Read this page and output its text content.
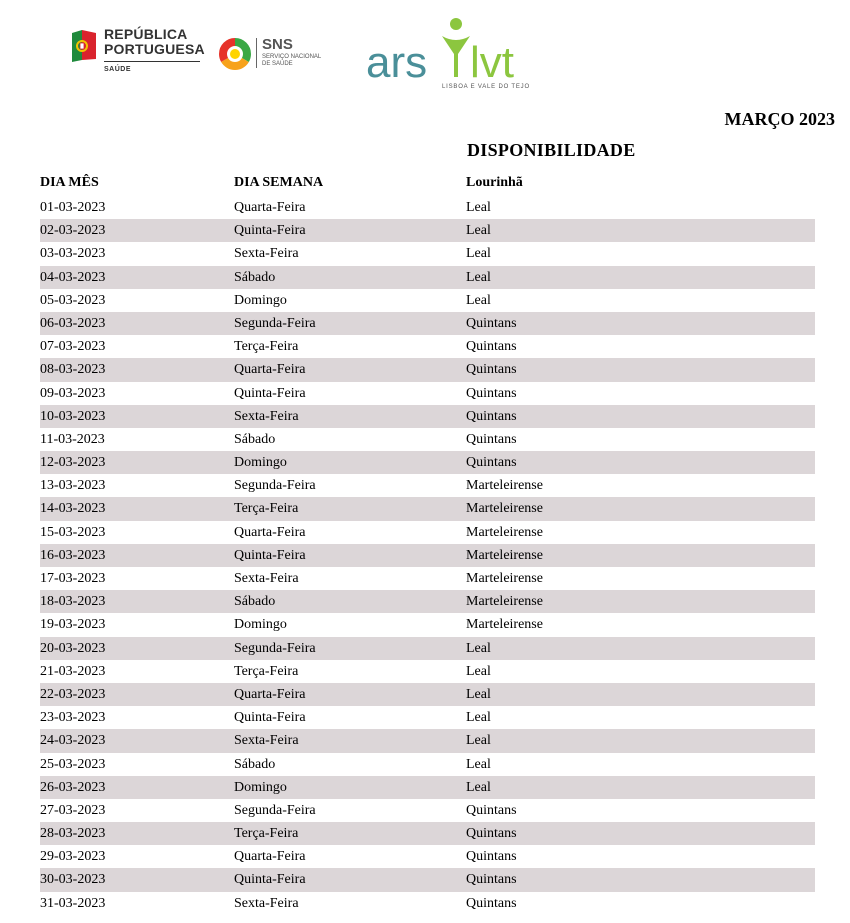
REPÚBLICA
PORTUGUESA
SAÚDE
SNS
SERVIÇO NACIONAL
DE SAÚDE	ars lvt
LISBOA E VALE DO TEJO
MARÇO 2023
DISPONIBILIDADE
DIA MÊS	DIA SEMANA	Lourinhã
01-03-2023	Quarta-Feira	Leal
02-03-2023	Quinta-Feira	Leal
03-03-2023	Sexta-Feira	Leal
04-03-2023	Sábado	Leal
05-03-2023	Domingo	Leal
06-03-2023	Segunda-Feira	Quintans
07-03-2023	Terça-Feira	Quintans
08-03-2023	Quarta-Feira	Quintans
09-03-2023	Quinta-Feira	Quintans
10-03-2023	Sexta-Feira	Quintans
11-03-2023	Sábado	Quintans
12-03-2023	Domingo	Quintans
13-03-2023	Segunda-Feira	Marteleirense
14-03-2023	Terça-Feira	Marteleirense
15-03-2023	Quarta-Feira	Marteleirense
16-03-2023	Quinta-Feira	Marteleirense
17-03-2023	Sexta-Feira	Marteleirense
18-03-2023	Sábado	Marteleirense
19-03-2023	Domingo	Marteleirense
20-03-2023	Segunda-Feira	Leal
21-03-2023	Terça-Feira	Leal
22-03-2023	Quarta-Feira	Leal
23-03-2023	Quinta-Feira	Leal
24-03-2023	Sexta-Feira	Leal
25-03-2023	Sábado	Leal
26-03-2023	Domingo	Leal
27-03-2023	Segunda-Feira	Quintans
28-03-2023	Terça-Feira	Quintans
29-03-2023	Quarta-Feira	Quintans
30-03-2023	Quinta-Feira	Quintans
31-03-2023	Sexta-Feira	Quintans
